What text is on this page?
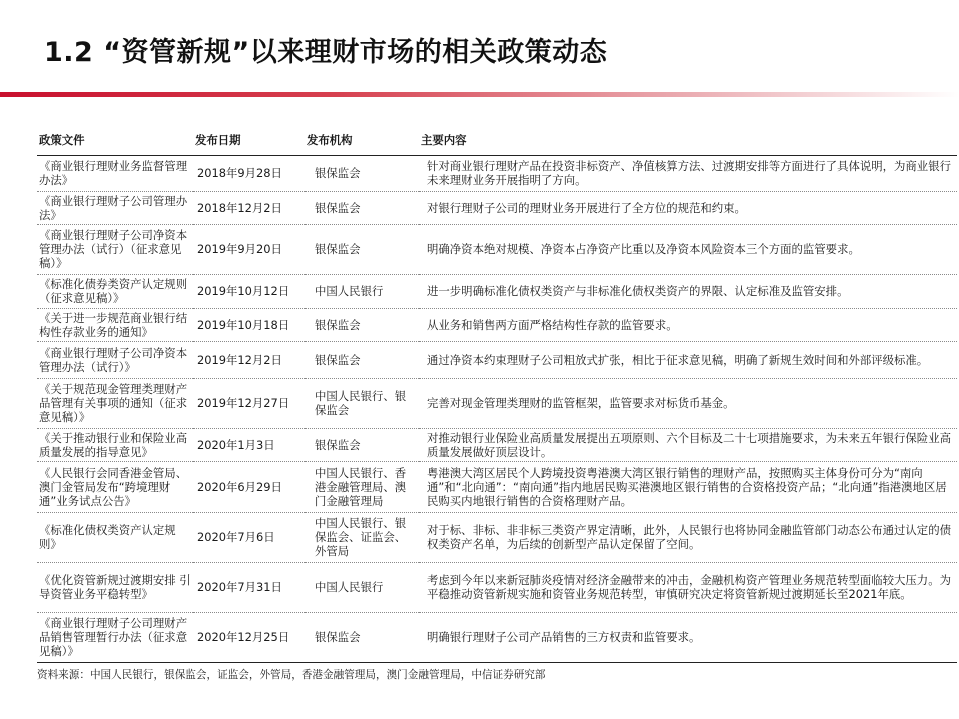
1.2 “资管新规”以来理财市场的相关政策动态
政策文件	发布日期	发布机构	主要内容
《商业银行理财业务监督管理办法》	2018年9月28日	银保监会	针对商业银行理财产品在投资非标资产、净值核算方法、过渡期安排等方面进行了具体说明，为商业银行未来理财业务开展指明了方向。
《商业银行理财子公司管理办法》	2018年12月2日	银保监会	对银行理财子公司的理财业务开展进行了全方位的规范和约束。
《商业银行理财子公司净资本管理办法（试行）（征求意见稿）》	2019年9月20日	银保监会	明确净资本绝对规模、净资本占净资产比重以及净资本风险资本三个方面的监管要求。
《标准化债券类资产认定规则（征求意见稿）》	2019年10月12日	中国人民银行	进一步明确标准化债权类资产与非标准化债权类资产的界限、认定标准及监管安排。
《关于进一步规范商业银行结构性存款业务的通知》	2019年10月18日	银保监会	从业务和销售两方面严格结构性存款的监管要求。
《商业银行理财子公司净资本管理办法（试行）》	2019年12月2日	银保监会	通过净资本约束理财子公司粗放式扩张，相比于征求意见稿，明确了新规生效时间和外部评级标准。
《关于规范现金管理类理财产品管理有关事项的通知（征求意见稿）》	2019年12月27日	中国人民银行、银保监会	完善对现金管理类理财的监管框架，监管要求对标货币基金。
《关于推动银行业和保险业高质量发展的指导意见》	2020年1月3日	银保监会	对推动银行业保险业高质量发展提出五项原则、六个目标及二十七项措施要求，为未来五年银行保险业高质量发展做好顶层设计。
《人民银行会同香港金管局、澳门金管局发布“跨境理财通”业务试点公告》	2020年6月29日	中国人民银行、香港金融管理局、澳门金融管理局	粤港澳大湾区居民个人跨境投资粤港澳大湾区银行销售的理财产品，按照购买主体身份可分为“南向通”和“北向通”：“南向通”指内地居民购买港澳地区银行销售的合资格投资产品；“北向通”指港澳地区居民购买内地银行销售的合资格理财产品。
《标准化债权类资产认定规则》	2020年7月6日	中国人民银行、银保监会、证监会、外管局	对于标、非标、非非标三类资产界定清晰，此外，人民银行也将协同金融监管部门动态公布通过认定的债权类资产名单，为后续的创新型产品认定保留了空间。
《优化资管新规过渡期安排 引导资管业务平稳转型》	2020年7月31日	中国人民银行	考虑到今年以来新冠肺炎疫情对经济金融带来的冲击，金融机构资产管理业务规范转型面临较大压力。为平稳推动资管新规实施和资管业务规范转型，审慎研究决定将资管新规过渡期延长至2021年底。
《商业银行理财子公司理财产品销售管理暂行办法（征求意见稿）》	2020年12月25日	银保监会	明确银行理财子公司产品销售的三方权责和监管要求。
资料来源：中国人民银行，银保监会，证监会，外管局，香港金融管理局，澳门金融管理局，中信证券研究部
